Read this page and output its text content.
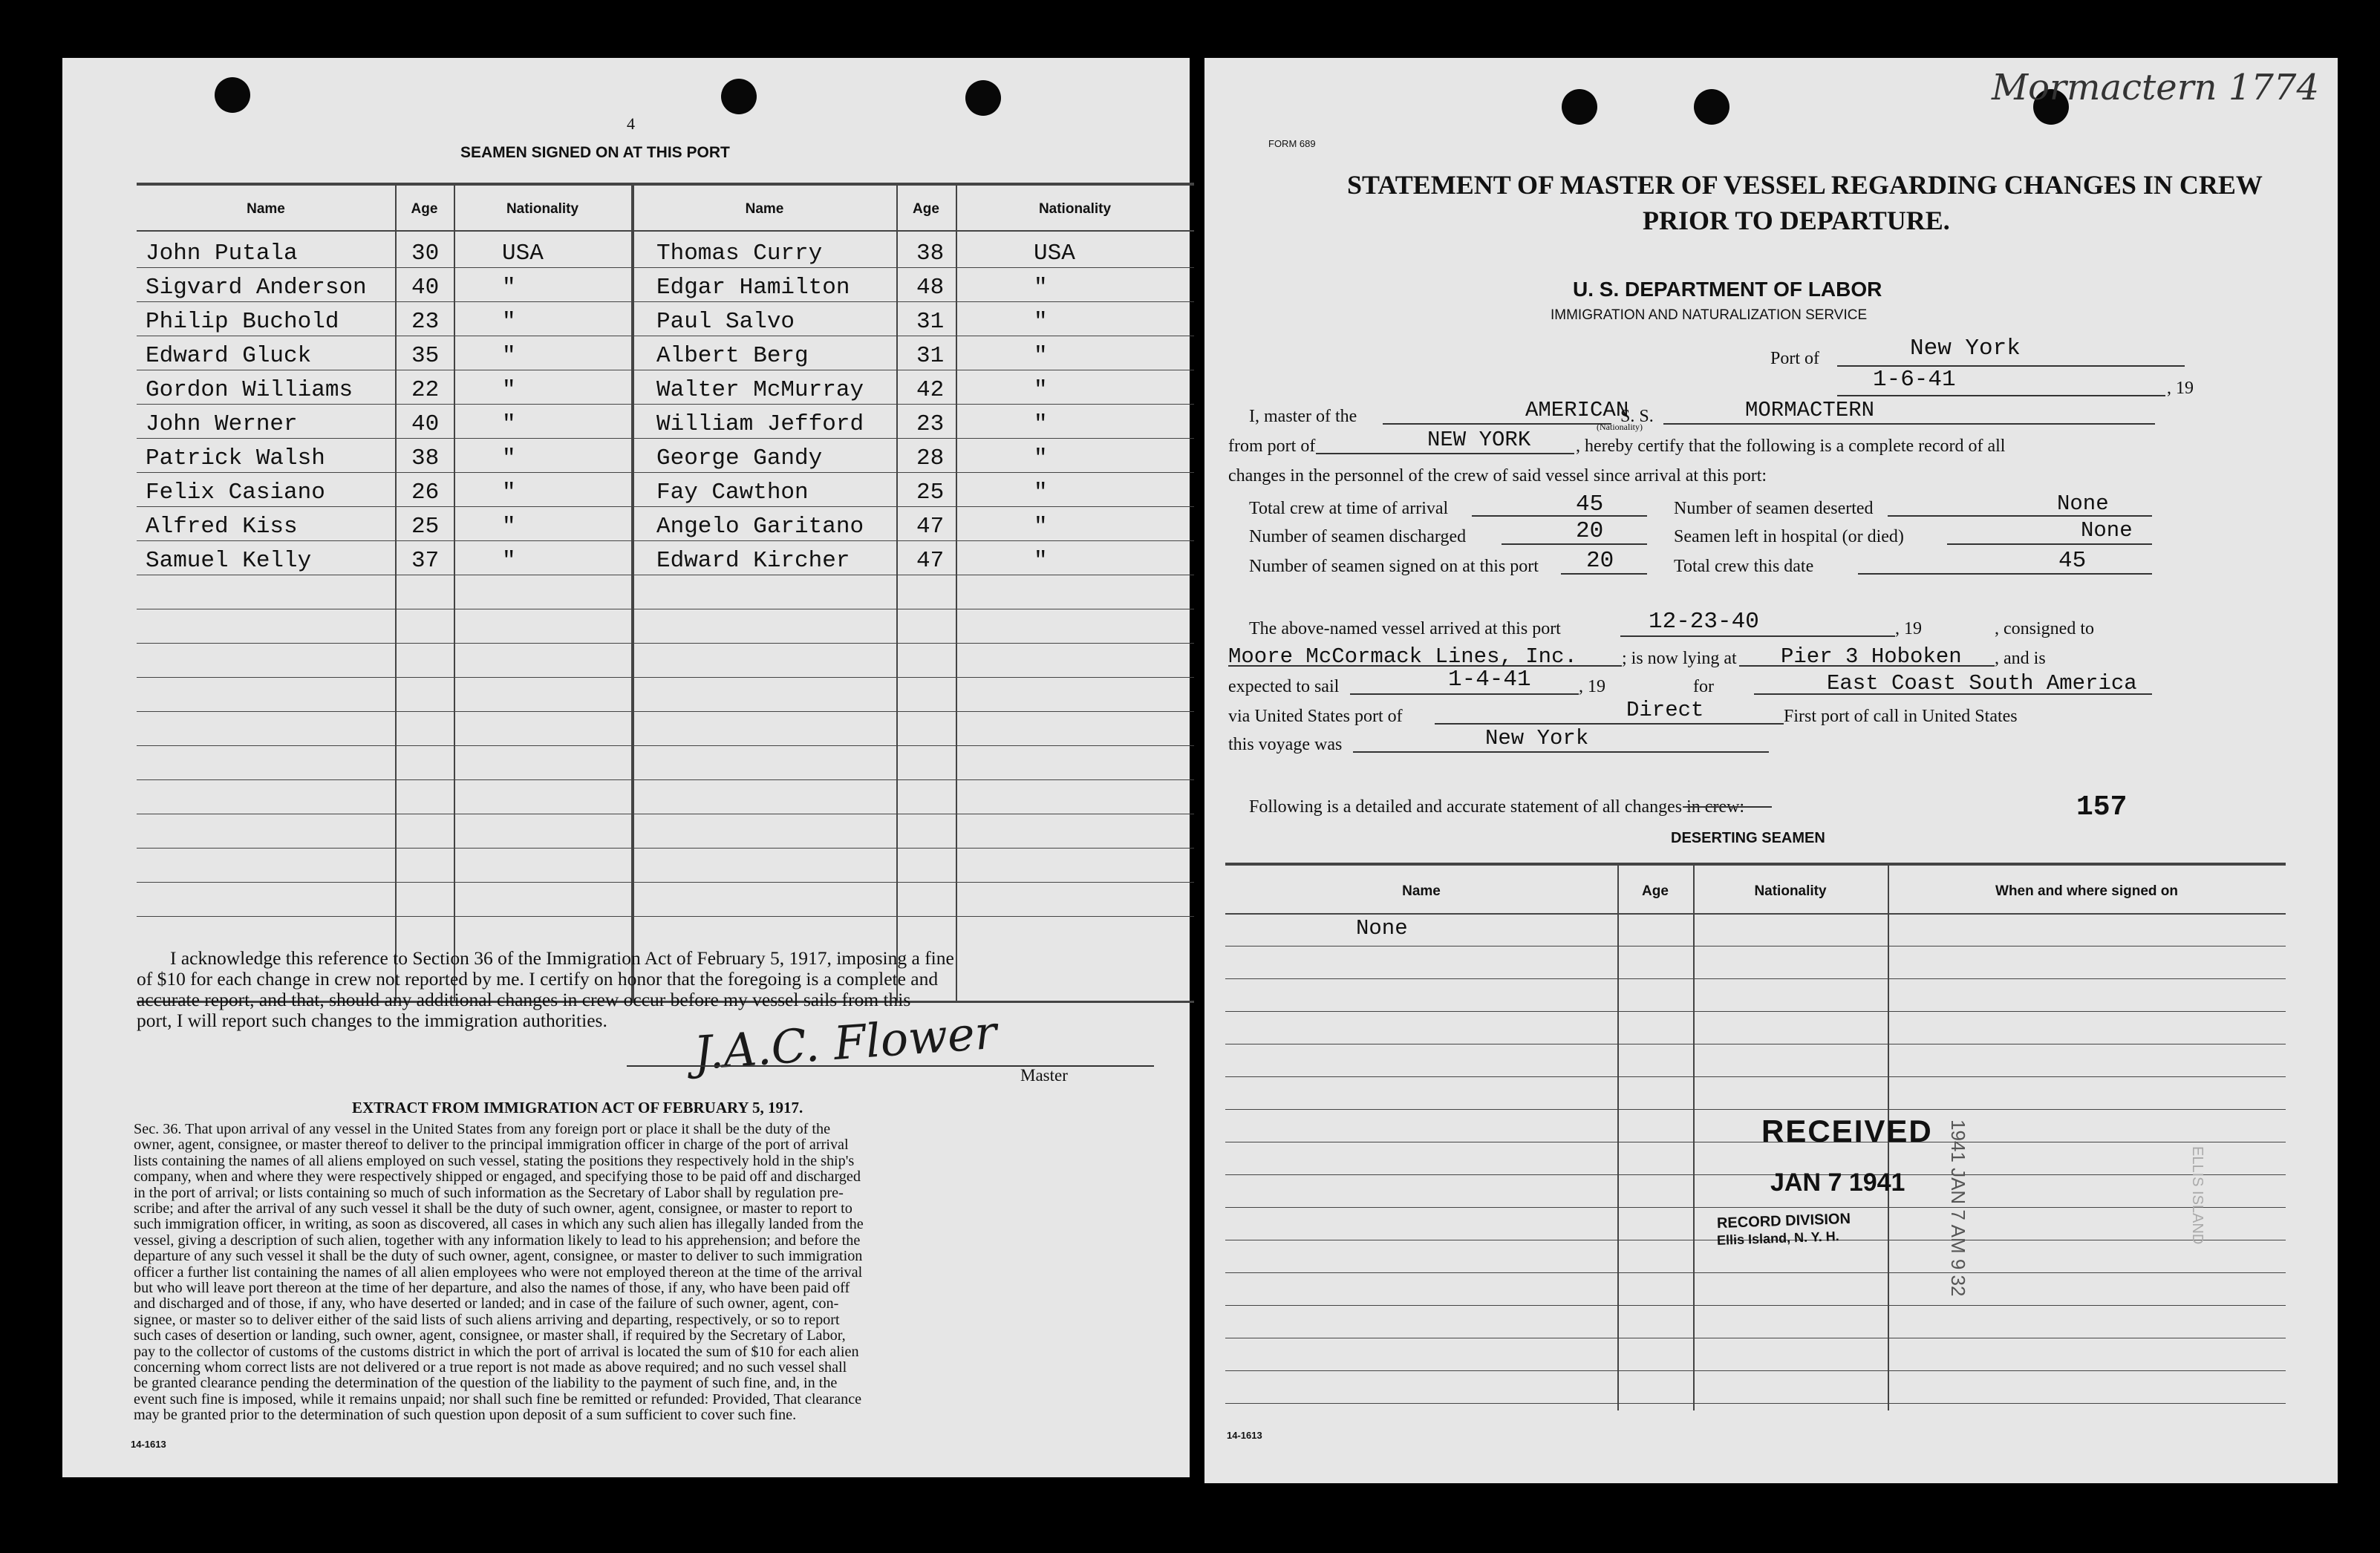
4
SEAMEN SIGNED ON AT THIS PORT
Name	Age	Nationality	Name	Age	Nationality
John Putala	30	USA	Thomas Curry	38	USA
Sigvard Anderson 40	"	Edgar Hamilton	48	"
Philip Buchold	23	"	Paul Salvo	31	"
Edward Gluck	35	"	Albert Berg	31	"
Gordon Williams	22	"	Walter McMurray 42	"
John Werner	40	"	William Jefford 23	"
Patrick Walsh	38	"	George Gandy	28	"
Felix Casiano	26	"	Fay Cawthon	25	"
Alfred Kiss	25	"	Angelo Garitano 47	"
Samuel Kelly	37	"	Edward Kircher	47	"
I acknowledge this reference to Section 36 of the Immigration Act of February 5, 1917, imposing a fine
of $10 for each change in crew not reported by me. I certify on honor that the foregoing is a complete and
accurate report, and that, should any additional changes in crew occur before my vessel sails from this
port, I will report such changes to the immigration authorities. J.A.C. Flower Master
EXTRACT FROM IMMIGRATION ACT OF FEBRUARY 5, 1917.
Sec. 36. That upon arrival of any vessel in the United States from any foreign port or place it shall be the duty of the
owner, agent, consignee, or master thereof to deliver to the principal immigration officer in charge of the port of arrival
lists containing the names of all aliens employed on such vessel, stating the positions they respectively hold in the ship's
company, when and where they were respectively shipped or engaged, and specifying those to be paid off and discharged
in the port of arrival; or lists containing so much of such information as the Secretary of Labor shall by regulation pre-
scribe; and after the arrival of any such vessel it shall be the duty of such owner, agent, consignee, or master to report to
such immigration officer, in writing, as soon as discovered, all cases in which any such alien has illegally landed from the
vessel, giving a description of such alien, together with any information likely to lead to his apprehension; and before the
departure of any such vessel it shall be the duty of such owner, agent, consignee, or master to deliver to such immigration
officer a further list containing the names of all alien employees who were not employed thereon at the time of the arrival
but who will leave port thereon at the time of her departure, and also the names of those, if any, who have been paid off
and discharged and of those, if any, who have deserted or landed; and in case of the failure of such owner, agent, con-
signee, or master so to deliver either of the said lists of such aliens arriving and departing, respectively, or so to report
such cases of desertion or landing, such owner, agent, consignee, or master shall, if required by the Secretary of Labor,
pay to the collector of customs of the customs district in which the port of arrival is located the sum of $10 for each alien
concerning whom correct lists are not delivered or a true report is not made as above required; and no such vessel shall
be granted clearance pending the determination of the question of the liability to the payment of such fine, and, in the
event such fine is imposed, while it remains unpaid; nor shall such fine be remitted or refunded: Provided, That clearance
may be granted prior to the determination of such question upon deposit of a sum sufficient to cover such fine.
14-1613
Mormactern 1774
FORM 689
STATEMENT OF MASTER OF VESSEL REGARDING CHANGES IN CREW
PRIOR TO DEPARTURE.
U. S. DEPARTMENT OF LABOR
IMMIGRATION AND NATURALIZATION SERVICE
Port of	New York
1-6-41	, 19
I, master of the	AMERICAN
(Nationality)
S. S.	MORMACTERN
from port of	NEW YORK	, hereby certify that the following is a complete record of all
changes in the personnel of the crew of said vessel since arrival at this port:
Total crew at time of arrival	45	Number of seamen deserted	None
Number of seamen discharged	20	Seamen left in hospital (or died)	None
Number of seamen signed on at this port 20	Total crew this date	45
The above-named vessel arrived at this port	12-23-40	, 19	, consigned to
Moore McCormack Lines, Inc.	; is now lying at Pier 3 Hoboken , and is
expected to sail	1-4-41	, 19	for	East Coast South America
via United States port of	Direct	First port of call in United States
this voyage was	New York
Following is a detailed and accurate statement of all changes in crew:	157
DESERTING SEAMEN
Name	Age	Nationality	When and where signed on
None
RECEIVED
JAN 7 1941
RECORD DIVISION
Ellis Island, N. Y. H.	1941 JAN 7 AM 9 32	ELLIS ISLAND
14-1613
